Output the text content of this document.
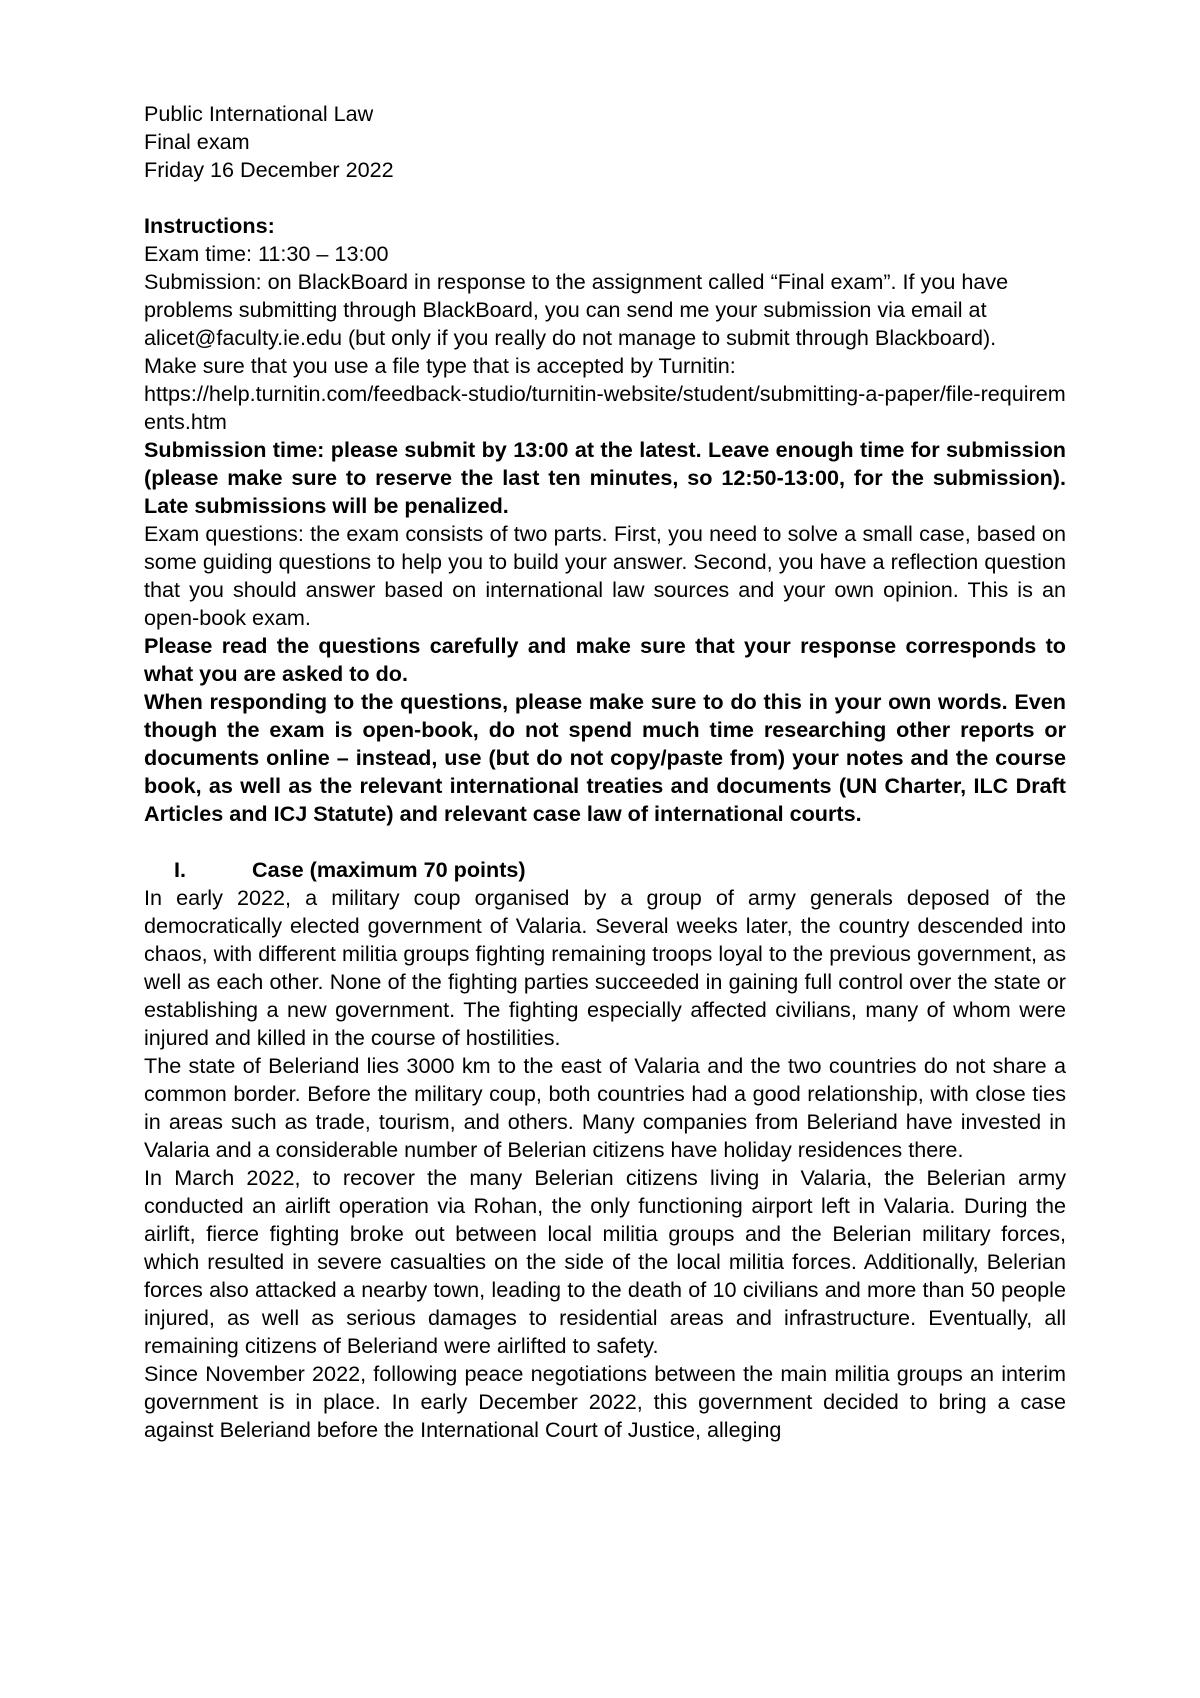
Public International Law

Final exam

Friday 16 December 2022

Instructions:

Exam time: 11:30 – 13:00

Submission: on BlackBoard in response to the assignment called “Final exam”. If you have problems submitting through BlackBoard, you can send me your submission via email at alicet@faculty.ie.edu (but only if you really do not manage to submit through Blackboard).

Make sure that you use a file type that is accepted by Turnitin:

https://help.turnitin.com/feedback-studio/turnitin-website/student/submitting-a-paper/file-requirements.htm

Submission time: please submit by 13:00 at the latest. Leave enough time for submission (please make sure to reserve the last ten minutes, so 12:50-13:00, for the submission). Late submissions will be penalized.

Exam questions: the exam consists of two parts. First, you need to solve a small case, based on some guiding questions to help you to build your answer. Second, you have a reflection question that you should answer based on international law sources and your own opinion. This is an open-book exam.

Please read the questions carefully and make sure that your response corresponds to what you are asked to do.

When responding to the questions, please make sure to do this in your own words. Even though the exam is open-book, do not spend much time researching other reports or documents online – instead, use (but do not copy/paste from) your notes and the course book, as well as the relevant international treaties and documents (UN Charter, ILC Draft Articles and ICJ Statute) and relevant case law of international courts.

I.	Case (maximum 70 points)

In early 2022, a military coup organised by a group of army generals deposed of the democratically elected government of Valaria. Several weeks later, the country descended into chaos, with different militia groups fighting remaining troops loyal to the previous government, as well as each other. None of the fighting parties succeeded in gaining full control over the state or establishing a new government. The fighting especially affected civilians, many of whom were injured and killed in the course of hostilities.

The state of Beleriand lies 3000 km to the east of Valaria and the two countries do not share a common border. Before the military coup, both countries had a good relationship, with close ties in areas such as trade, tourism, and others. Many companies from Beleriand have invested in Valaria and a considerable number of Belerian citizens have holiday residences there.

In March 2022, to recover the many Belerian citizens living in Valaria, the Belerian army conducted an airlift operation via Rohan, the only functioning airport left in Valaria. During the airlift, fierce fighting broke out between local militia groups and the Belerian military forces, which resulted in severe casualties on the side of the local militia forces. Additionally, Belerian forces also attacked a nearby town, leading to the death of 10 civilians and more than 50 people injured, as well as serious damages to residential areas and infrastructure. Eventually, all remaining citizens of Beleriand were airlifted to safety.

Since November 2022, following peace negotiations between the main militia groups an interim government is in place. In early December 2022, this government decided to bring a case against Beleriand before the International Court of Justice, alleging
